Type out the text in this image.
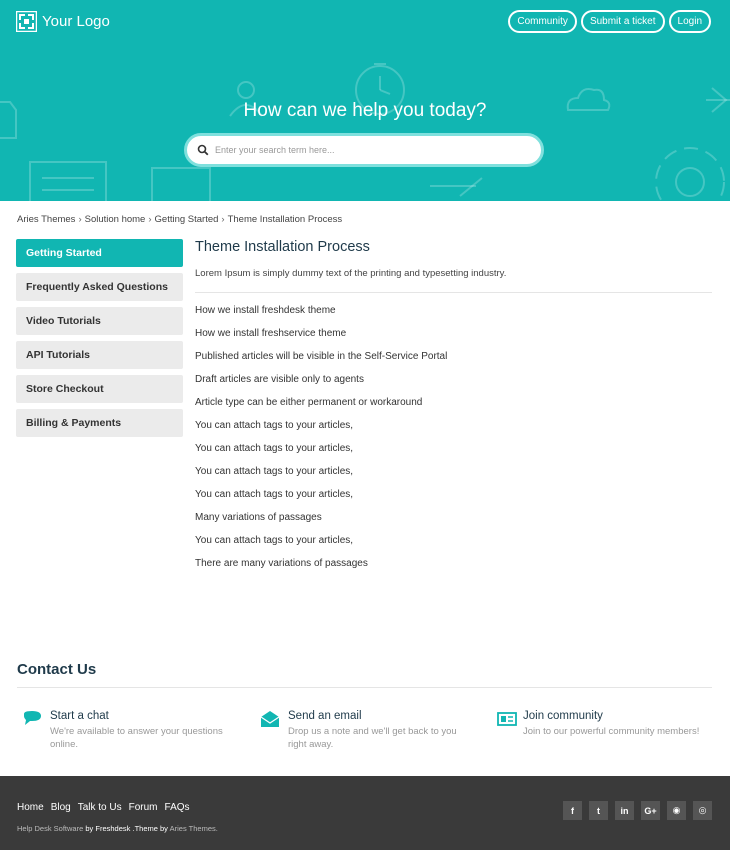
Your Logo	Community	Submit a ticket	Login
How can we help you today?
Enter your search term here...
Aries Themes › Solution home › Getting Started › Theme Installation Process
Getting Started
Frequently Asked Questions
Video Tutorials
API Tutorials
Store Checkout
Billing & Payments
Theme Installation Process

Lorem Ipsum is simply dummy text of the printing and typesetting industry.

How we install freshdesk theme
How we install freshservice theme
Published articles will be visible in the Self-Service Portal
Draft articles are visible only to agents
Article type can be either permanent or workaround
You can attach tags to your articles,
You can attach tags to your articles,
You can attach tags to your articles,
You can attach tags to your articles,
Many variations of passages
You can attach tags to your articles,
There are many variations of passages
Contact Us
Start a chat
We're available to answer your questions
online.
Send an email
Drop us a note and we'll get back to you
right away.
Join community
Join to our powerful community members!
Home Blog Talk to Us Forum FAQs
Help Desk Software by Freshdesk .Theme by Aries Themes.
f	t	in	G+	◉	◎
